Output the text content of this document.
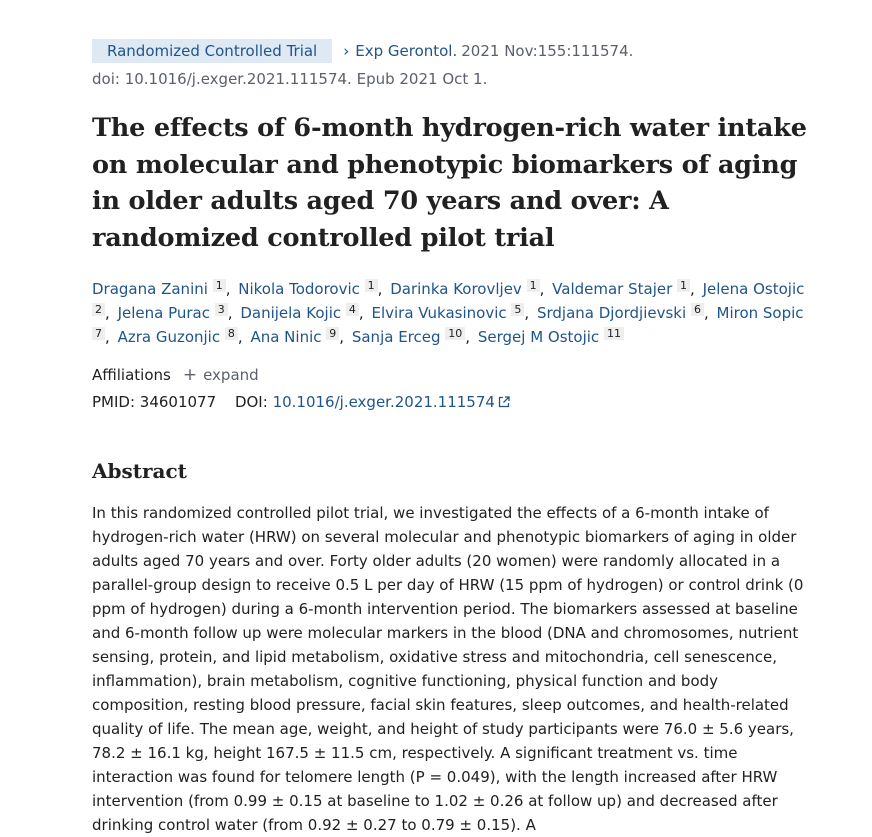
Randomized Controlled Trial	› Exp Gerontol. 2021 Nov:155:111574.
doi: 10.1016/j.exger.2021.111574. Epub 2021 Oct 1.
The effects of 6-month hydrogen-rich water intake on molecular and phenotypic biomarkers of aging in older adults aged 70 years and over: A randomized controlled pilot trial
Dragana Zanini $^1$ , Nikola Todorovic $^1$ , Darinka Korovljev $^1$ , Valdemar Stajer $^1$ , Jelena Ostojic $^2$ , Jelena Purac $^3$ , Danijela Kojic $^4$ , Elvira Vukasinovic $^5$ , Srdjana Djordjievski $^6$ , Miron Sopic $^7$ , Azra Guzonjic $^8$ , Ana Ninic $^9$ , Sanja Erceg $^{10}$ , Sergej M Ostojic $^{11}$
Affiliations + expand
PMID: 34601077 DOI: 10.1016/j.exger.2021.111574
Abstract

In this randomized controlled pilot trial, we investigated the effects of a 6-month intake of hydrogen-rich water (HRW) on several molecular and phenotypic biomarkers of aging in older adults aged 70 years and over. Forty older adults (20 women) were randomly allocated in a parallel-group design to receive 0.5 L per day of HRW (15 ppm of hydrogen) or control drink (0 ppm of hydrogen) during a 6-month intervention period. The biomarkers assessed at baseline and 6-month follow up were molecular markers in the blood (DNA and chromosomes, nutrient sensing, protein, and lipid metabolism, oxidative stress and mitochondria, cell senescence, inflammation), brain metabolism, cognitive functioning, physical function and body composition, resting blood pressure, facial skin features, sleep outcomes, and health-related quality of life. The mean age, weight, and height of study participants were 76.0 ± 5.6 years, 78.2 ± 16.1 kg, height 167.5 ± 11.5 cm, respectively. A significant treatment vs. time interaction was found for telomere length (P = 0.049), with the length increased after HRW intervention (from 0.99 ± 0.15 at baseline to 1.02 ± 0.26 at follow up) and decreased after drinking control water (from 0.92 ± 0.27 to 0.79 ± 0.15). A
